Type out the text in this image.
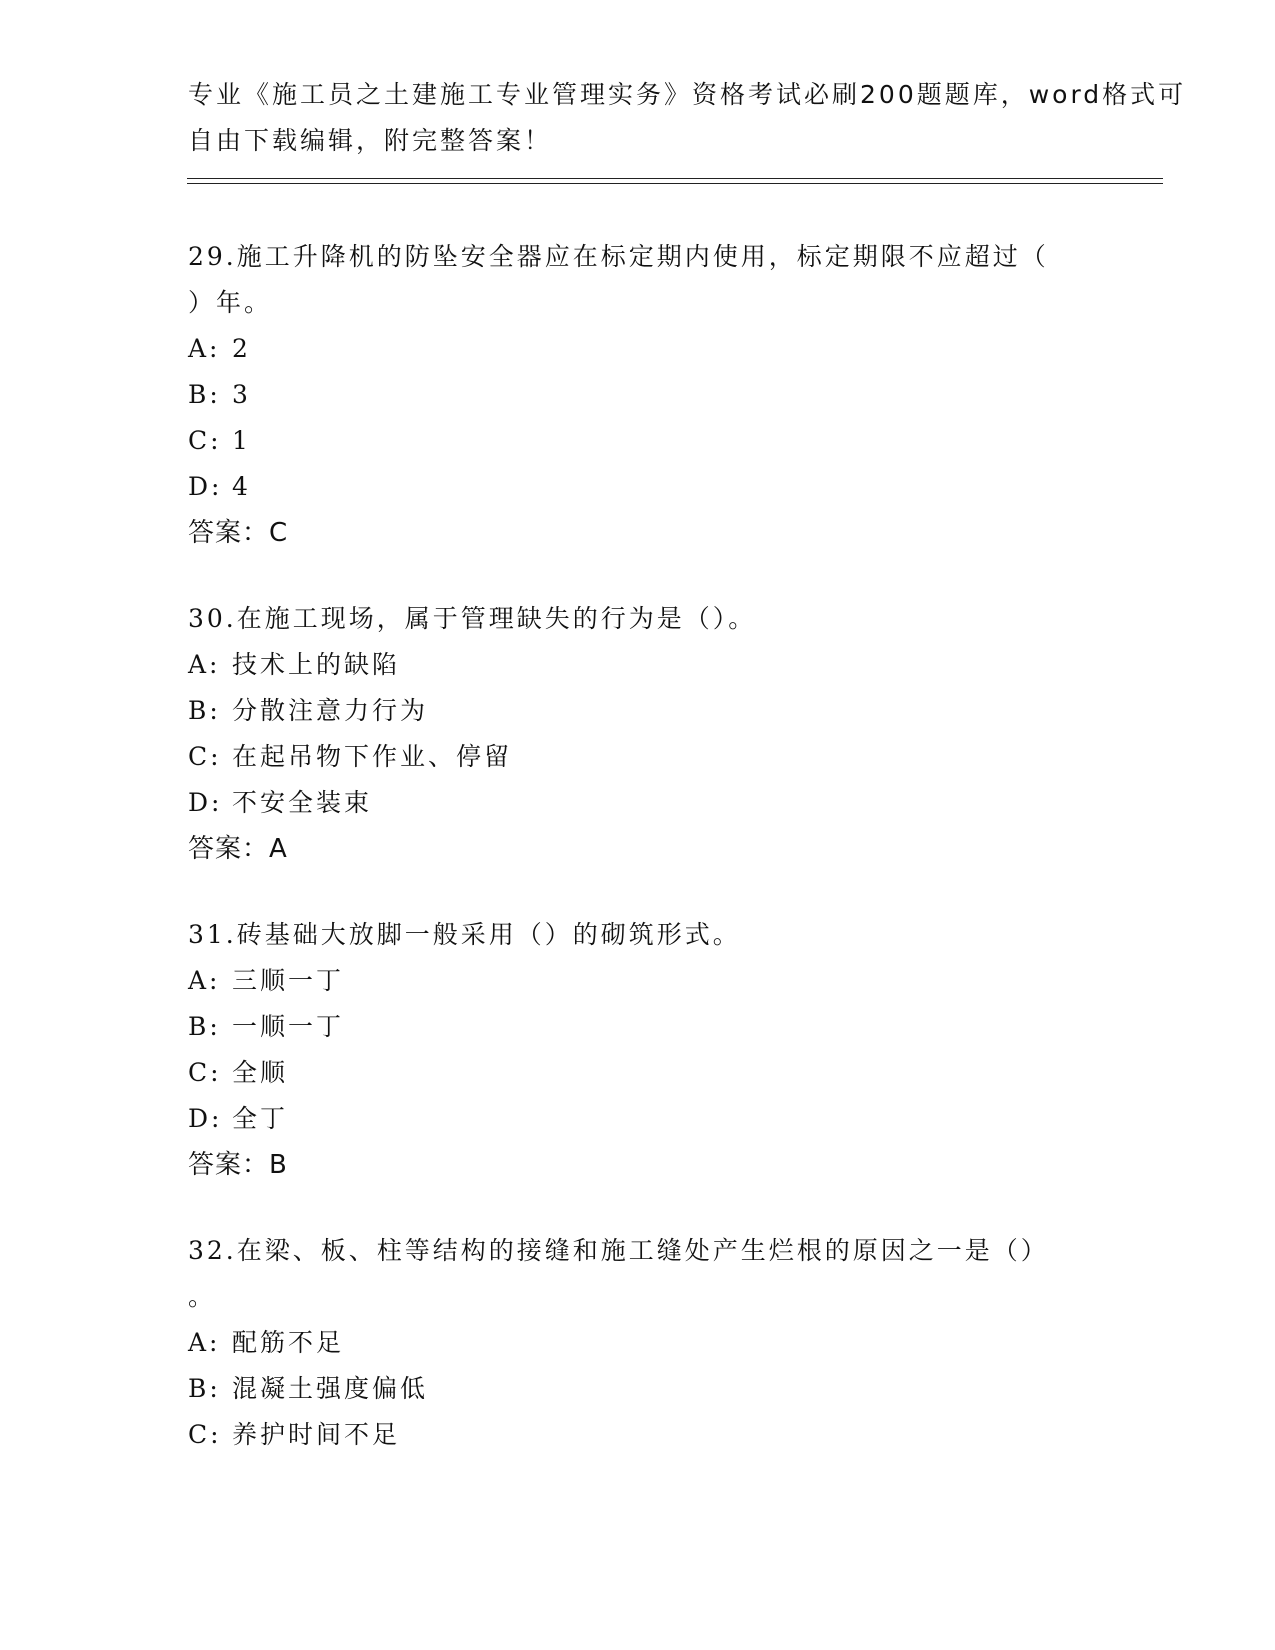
专业《施工员之土建施工专业管理实务》资格考试必刷200题题库，word格式可
自由下载编辑，附完整答案！
29.施工升降机的防坠安全器应在标定期内使用，标定期限不应超过（
）年。
A: 2
B: 3
C: 1
D: 4
答案：C
30.在施工现场，属于管理缺失的行为是（）。
A: 技术上的缺陷
B: 分散注意力行为
C: 在起吊物下作业、停留
D: 不安全装束
答案：A
31.砖基础大放脚一般采用（）的砌筑形式。
A: 三顺一丁
B: 一顺一丁
C: 全顺
D: 全丁
答案：B
32.在梁、板、柱等结构的接缝和施工缝处产生烂根的原因之一是（）
。
A: 配筋不足
B: 混凝土强度偏低
C: 养护时间不足
